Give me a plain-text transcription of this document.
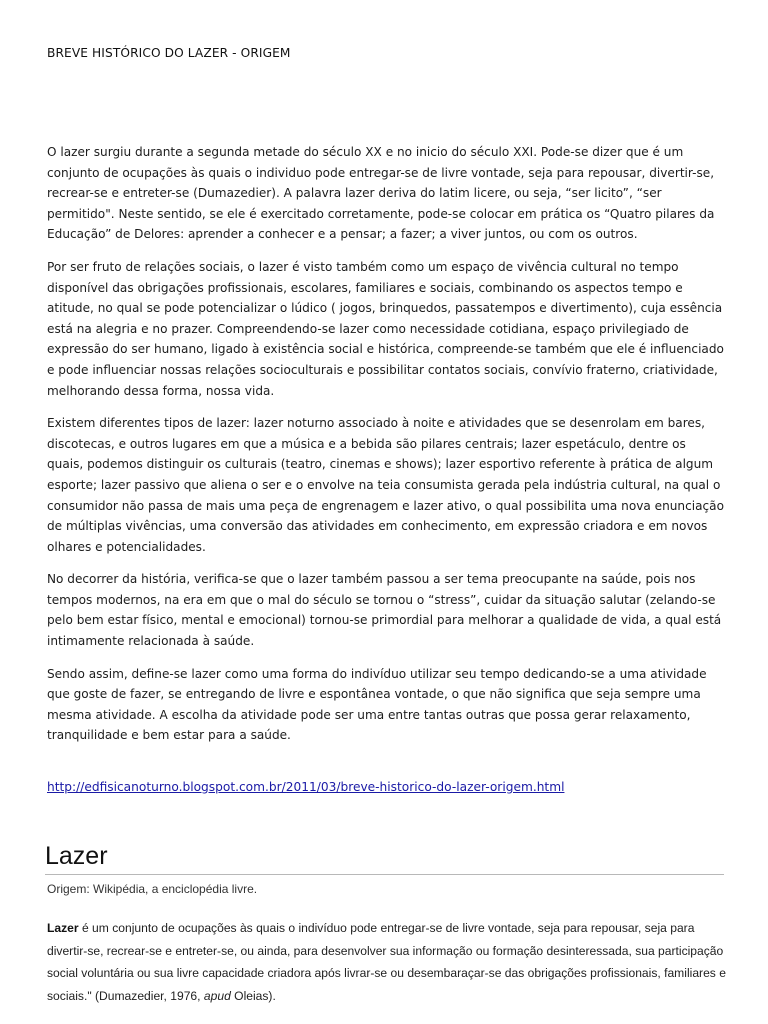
BREVE HISTÓRICO DO LAZER - ORIGEM

O lazer surgiu durante a segunda metade do século XX e no inicio do século XXI. Pode-se dizer que é um conjunto de ocupações às quais o individuo pode entregar-se de livre vontade, seja para repousar, divertir-se, recrear-se e entreter-se (Dumazedier). A palavra lazer deriva do latim licere, ou seja, “ser licito”, “ser permitido". Neste sentido, se ele é exercitado corretamente, pode-se colocar em prática os “Quatro pilares da Educação” de Delores: aprender a conhecer e a pensar; a fazer; a viver juntos, ou com os outros.

Por ser fruto de relações sociais, o lazer é visto também como um espaço de vivência cultural no tempo disponível das obrigações profissionais, escolares, familiares e sociais, combinando os aspectos tempo e atitude, no qual se pode potencializar o lúdico ( jogos, brinquedos, passatempos e divertimento), cuja essência está na alegria e no prazer. Compreendendo-se lazer como necessidade cotidiana, espaço privilegiado de expressão do ser humano, ligado à existência social e histórica, compreende-se também que ele é influenciado e pode influenciar nossas relações socioculturais e possibilitar contatos sociais, convívio fraterno, criatividade, melhorando dessa forma, nossa vida.

Existem diferentes tipos de lazer: lazer noturno associado à noite e atividades que se desenrolam em bares, discotecas, e outros lugares em que a música e a bebida são pilares centrais; lazer espetáculo, dentre os quais, podemos distinguir os culturais (teatro, cinemas e shows); lazer esportivo referente à prática de algum esporte; lazer passivo que aliena o ser e o envolve na teia consumista gerada pela indústria cultural, na qual o consumidor não passa de mais uma peça de engrenagem e lazer ativo, o qual possibilita uma nova enunciação de múltiplas vivências, uma conversão das atividades em conhecimento, em expressão criadora e em novos olhares e potencialidades.

No decorrer da história, verifica-se que o lazer também passou a ser tema preocupante na saúde, pois nos tempos modernos, na era em que o mal do século se tornou o “stress”, cuidar da situação salutar (zelando-se pelo bem estar físico, mental e emocional) tornou-se primordial para melhorar a qualidade de vida, a qual está intimamente relacionada à saúde.

Sendo assim, define-se lazer como uma forma do indivíduo utilizar seu tempo dedicando-se a uma atividade que goste de fazer, se entregando de livre e espontânea vontade, o que não significa que seja sempre uma mesma atividade. A escolha da atividade pode ser uma entre tantas outras que possa gerar relaxamento, tranquilidade e bem estar para a saúde.

http://edfisicanoturno.blogspot.com.br/2011/03/breve-historico-do-lazer-origem.html
Lazer
Origem: Wikipédia, a enciclopédia livre.

Lazer é um conjunto de ocupações às quais o indivíduo pode entregar-se de livre vontade, seja para repousar, seja para divertir-se, recrear-se e entreter-se, ou ainda, para desenvolver sua informação ou formação desinteressada, sua participação social voluntária ou sua livre capacidade criadora após livrar-se ou desembaraçar-se das obrigações profissionais, familiares e sociais." (Dumazedier, 1976, apud Oleias).
